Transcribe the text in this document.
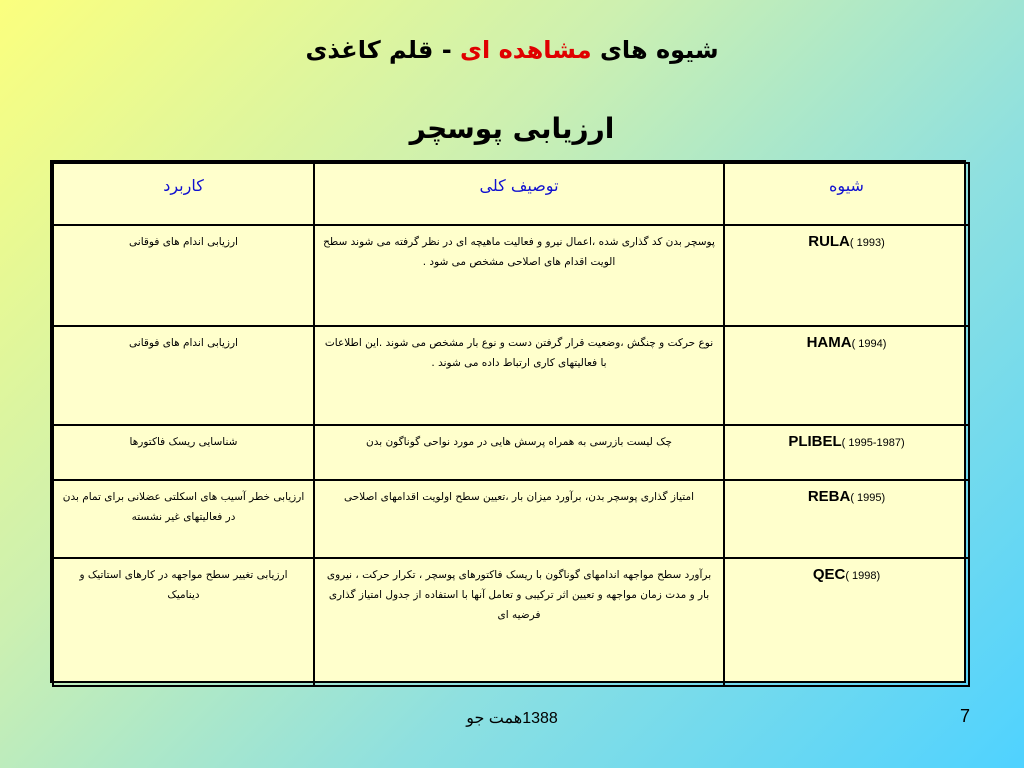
شیوه های مشاهده ای - قلم کاغذی
ارزیابی پوسچر
شیوه	توصیف کلی	کاربرد
RULA( 1993)	پوسچر بدن کد گذاری شده ،اعمال نیرو و فعالیت ماهیچه ای در نظر گرفته می شوند سطح الویت اقدام های اصلاحی مشخص می شود .	ارزیابی اندام های فوقانی
HAMA( 1994)	نوع حرکت و چنگش ،وضعیت قرار گرفتن دست و نوع بار مشخص می شوند .این اطلاعات با فعالیتهای کاری ارتباط داده می شوند .	ارزیابی اندام های فوقانی
PLIBEL( 1995-1987)	چک لیست بازرسی به همراه پرسش هایی در مورد نواحی گوناگون بدن	شناسایی ریسک فاکتورها
REBA( 1995)	امتیاز گذاری پوسچر بدن، برآورد میزان بار ،تعیین سطح اولویت اقدامهای اصلاحی	ارزیابی خطر آسیب های اسکلتی عضلانی برای تمام بدن در فعالیتهای غیر نشسته
QEC( 1998)	برآورد سطح مواجهه اندامهای گوناگون با ریسک فاکتورهای پوسچر ، تکرار حرکت ، نیروی بار و مدت زمان مواجهه و تعیین اثر ترکیبی و تعامل آنها با استفاده از جدول امتیاز گذاری فرضیه ای	ارزیابی تغییر سطح مواجهه در کارهای استاتیک و دینامیک
1388همت جو	7
